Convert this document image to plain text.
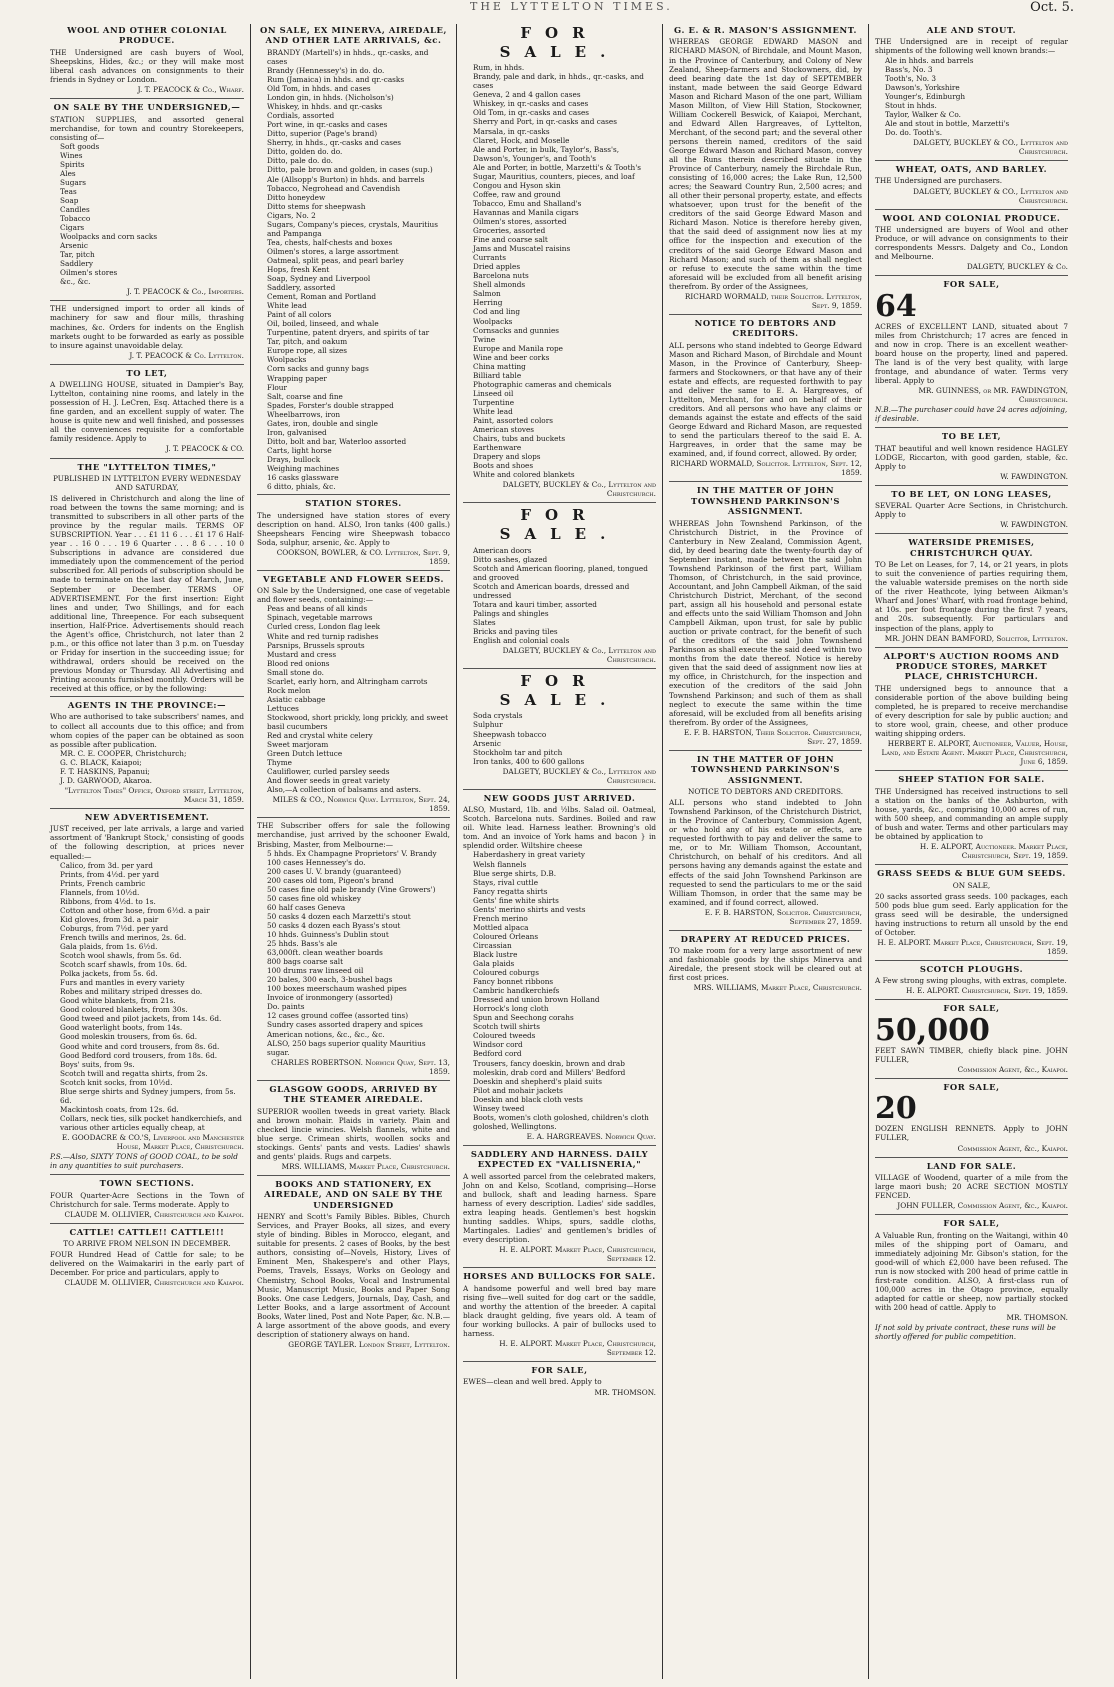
THE LYTTELTON TIMES.	Oct. 5.
WOOL AND OTHER COLONIAL PRODUCE.

THE Undersigned are cash buyers of Wool, Sheepskins, Hides, &c.; or they will make most liberal cash advances on consignments to their friends in Sydney or London.

J. T. PEACOCK & Co., Wharf.
ON SALE BY THE UNDERSIGNED,—

STATION SUPPLIES, and assorted general merchandise, for town and country Storekeepers, consisting of—

Soft goods
Wines
Spirits
Ales
Sugars
Teas
Soap
Candles
Tobacco
Cigars
Woolpacks and corn sacks
Arsenic
Tar, pitch
Saddlery
Oilmen's stores
&c., &c.
J. T. PEACOCK & Co., Importers.

THE undersigned import to order all kinds of machinery for saw and flour mills, thrashing machines, &c. Orders for indents on the English markets ought to be forwarded as early as possible to insure against unavoidable delay.

J. T. PEACOCK & Co. Lyttelton.
TO LET,

A DWELLING HOUSE, situated in Dampier's Bay, Lyttelton, containing nine rooms, and lately in the possession of H. J. LeCren, Esq. Attached there is a fine garden, and an excellent supply of water. The house is quite new and well finished, and possesses all the conveniences requisite for a comfortable family residence. Apply to

J. T. PEACOCK & CO.
THE "LYTTELTON TIMES,"
PUBLISHED IN LYTTELTON EVERY WEDNESDAY AND SATURDAY,

IS delivered in Christchurch and along the line of road between the towns the same morning; and is transmitted to subscribers in all other parts of the province by the regular mails. TERMS OF SUBSCRIPTION. Year . . . £1 11 6 . . . £1 17 6 Half-year . . 16 0 . . . 19 6 Quarter . . . 8 6 . . . 10 0 Subscriptions in advance are considered due immediately upon the commencement of the period subscribed for. All periods of subscription should be made to terminate on the last day of March, June, September or December. TERMS OF ADVERTISEMENT. For the first insertion: Eight lines and under, Two Shillings, and for each additional line, Threepence. For each subsequent insertion, Half-Price. Advertisements should reach the Agent's office, Christchurch, not later than 2 p.m., or this office not later than 3 p.m. on Tuesday or Friday for insertion in the succeeding issue; for withdrawal, orders should be received on the previous Monday or Thursday. All Advertising and Printing accounts furnished monthly. Orders will be received at this office, or by the following:

AGENTS IN THE PROVINCE:—

Who are authorised to take subscribers' names, and to collect all accounts due to this office; and from whom copies of the paper can be obtained as soon as possible after publication.

MR. C. E. COOPER, Christchurch;
G. C. BLACK, Kaiapoi;
F. T. HASKINS, Papanui;
J. D. GARWOOD, Akaroa.
"Lyttelton Times" Office, Oxford street, Lyttelton, March 31, 1859.
NEW ADVERTISEMENT.

JUST received, per late arrivals, a large and varied assortment of 'Bankrupt Stock,' consisting of goods of the following description, at prices never equalled:—

Calico, from 3d. per yard
Prints, from 4½d. per yard
Prints, French cambric
Flannels, from 10½d.
Ribbons, from 4½d. to 1s.
Cotton and other hose, from 6½d. a pair
Kid gloves, from 3d. a pair
Coburgs, from 7½d. per yard
French twills and merinos, 2s. 6d.
Gala plaids, from 1s. 6½d.
Scotch wool shawls, from 5s. 6d.
Scotch scarf shawls, from 10s. 6d.
Polka jackets, from 5s. 6d.
Furs and mantles in every variety
Robes and military striped dresses do.
Good white blankets, from 21s.
Good coloured blankets, from 30s.
Good tweed and pilot jackets, from 14s. 6d.
Good waterlight boots, from 14s.
Good moleskin trousers, from 6s. 6d.
Good white and cord trousers, from 8s. 6d.
Good Bedford cord trousers, from 18s. 6d.
Boys' suits, from 9s.
Scotch twill and regatta shirts, from 2s.
Scotch knit socks, from 10½d.
Blue serge shirts and Sydney jumpers, from 5s. 6d.
Mackintosh coats, from 12s. 6d.
Collars, neck ties, silk pocket handkerchiefs, and various other articles equally cheap, at
E. GOODACRE & CO.'S, Liverpool and Manchester House, Market Place, Christchurch.
P.S.—Also, SIXTY TONS of GOOD COAL, to be sold in any quantities to suit purchasers.
TOWN SECTIONS.

FOUR Quarter-Acre Sections in the Town of Christchurch for sale. Terms moderate. Apply to

CLAUDE M. OLLIVIER, Christchurch and Kaiapoi.
CATTLE! CATTLE!! CATTLE!!!
TO ARRIVE FROM NELSON IN DECEMBER.

FOUR Hundred Head of Cattle for sale; to be delivered on the Waimakariri in the early part of December. For price and particulars, apply to

CLAUDE M. OLLIVIER, Christchurch and Kaiapoi.
ON SALE, EX MINERVA, AIREDALE, AND OTHER LATE ARRIVALS, &c.
BRANDY (Martell's) in hhds., qr.-casks, and cases
Brandy (Hennessey's) in do. do.
Rum (Jamaica) in hhds. and qr.-casks
Old Tom, in hhds. and cases
London gin, in hhds. (Nicholson's)
Whiskey, in hhds. and qr.-casks
Cordials, assorted
Port wine, in qr.-casks and cases
Ditto, superior (Page's brand)
Sherry, in hhds., qr.-casks and cases
Ditto, golden do. do.
Ditto, pale do. do.
Ditto, pale brown and golden, in cases (sup.)
Ale (Allsopp's Burton) in hhds. and barrels
Tobacco, Negrohead and Cavendish
Ditto honeydew
Ditto stems for sheepwash
Cigars, No. 2
Sugars, Company's pieces, crystals, Mauritius and Pampanga
Tea, chests, half-chests and boxes
Oilmen's stores, a large assortment
Oatmeal, split peas, and pearl barley
Hops, fresh Kent
Soap, Sydney and Liverpool
Saddlery, assorted
Cement, Roman and Portland
White lead
Paint of all colors
Oil, boiled, linseed, and whale
Turpentine, patent dryers, and spirits of tar
Tar, pitch, and oakum
Europe rope, all sizes
Woolpacks
Corn sacks and gunny bags
Wrapping paper
Flour
Salt, coarse and fine
Spades, Forster's double strapped
Wheelbarrows, iron
Gates, iron, double and single
Iron, galvanised
Ditto, bolt and bar, Waterloo assorted
Carts, light horse
Drays, bullock
Weighing machines
16 casks glassware
6 ditto, phials, &c.
STATION STORES.

The undersigned have station stores of every description on hand. ALSO, Iron tanks (400 galls.) Sheepshears Fencing wire Sheepwash tobacco Soda, sulphur, arsenic, &c. Apply to

COOKSON, BOWLER, & CO. Lyttelton, Sept. 9, 1859.
VEGETABLE AND FLOWER SEEDS.

ON Sale by the Undersigned, one case of vegetable and flower seeds, containing:—

Peas and beans of all kinds
Spinach, vegetable marrows
Curled cress, London flag leek
White and red turnip radishes
Parsnips, Brussels sprouts
Mustard and cress
Blood red onions
Small stone do.
Scarlet, early horn, and Altringham carrots
Rock melon
Asiatic cabbage
Lettuces
Stockwood, short prickly, long prickly, and sweet basil cucumbers
Red and crystal white celery
Sweet marjoram
Green Dutch lettuce
Thyme
Cauliflower, curled parsley seeds
And flower seeds in great variety
Also,—A collection of balsams and asters.
MILES & CO., Norwich Quay. Lyttelton, Sept. 24, 1859.

THE Subscriber offers for sale the following merchandise, just arrived by the schooner Ewald, Brisbing, Master, from Melbourne:—

5 hhds. Ex Champagne Proprietors' V. Brandy
100 cases Hennessey's do.
200 cases U. V. brandy (guaranteed)
200 cases old tom, Pigeon's brand
50 cases fine old pale brandy (Vine Growers')
50 cases fine old whiskey
60 half cases Geneva
50 casks 4 dozen each Marzetti's stout
50 casks 4 dozen each Byass's stout
10 hhds. Guinness's Dublin stout
25 hhds. Bass's ale
63,000ft. clean weather boards
800 bags coarse salt
100 drums raw linseed oil
20 bales, 300 each, 3-bushel bags
100 boxes meerschaum washed pipes
Invoice of ironmongery (assorted)
Do. paints
12 cases ground coffee (assorted tins)
Sundry cases assorted drapery and spices
American notions, &c., &c., &c.
ALSO, 250 bags superior quality Mauritius sugar.
CHARLES ROBERTSON. Norwich Quay, Sept. 13, 1859.
GLASGOW GOODS, ARRIVED BY THE STEAMER AIREDALE.

SUPERIOR woollen tweeds in great variety. Black and brown mohair. Plaids in variety. Plain and checked lincie wincies. Welsh flannels, white and blue serge. Crimean shirts, woollen socks and stockings. Gents' pants and vests. Ladies' shawls and gents' plaids. Rugs and carpets.

MRS. WILLIAMS, Market Place, Christchurch.
BOOKS AND STATIONERY, EX AIREDALE, AND ON SALE BY THE UNDERSIGNED

HENRY and Scott's Family Bibles. Bibles, Church Services, and Prayer Books, all sizes, and every style of binding. Bibles in Morocco, elegant, and suitable for presents. 2 cases of Books, by the best authors, consisting of—Novels, History, Lives of Eminent Men, Shakespere's and other Plays, Poems, Travels, Essays, Works on Geology and Chemistry, School Books, Vocal and Instrumental Music, Manuscript Music, Books and Paper Song Books. One case Ledgers, Journals, Day, Cash, and Letter Books, and a large assortment of Account Books, Water lined, Post and Note Paper, &c. N.B.—A large assortment of the above goods, and every description of stationery always on hand.

GEORGE TAYLER. London Street, Lyttelton.
FOR SALE.
Rum, in hhds.
Brandy, pale and dark, in hhds., qr.-casks, and cases
Geneva, 2 and 4 gallon cases
Whiskey, in qr.-casks and cases
Old Tom, in qr.-casks and cases
Sherry and Port, in qr.-casks and cases
Marsala, in qr.-casks
Claret, Hock, and Moselle
Ale and Porter, in bulk, Taylor's, Bass's, Dawson's, Younger's, and Tooth's
Ale and Porter, in bottle, Marzetti's & Tooth's
Sugar, Mauritius, counters, pieces, and loaf
Congou and Hyson skin
Coffee, raw and ground
Tobacco, Emu and Shalland's
Havannas and Manila cigars
Oilmen's stores, assorted
Groceries, assorted
Fine and coarse salt
Jams and Muscatel raisins
Currants
Dried apples
Barcelona nuts
Shell almonds
Salmon
Herring
Cod and ling
Woolpacks
Cornsacks and gunnies
Twine
Europe and Manila rope
Wine and beer corks
China matting
Billiard table
Photographic cameras and chemicals
Linseed oil
Turpentine
White lead
Paint, assorted colors
American stoves
Chairs, tubs and buckets
Earthenware
Drapery and slops
Boots and shoes
White and colored blankets
DALGETY, BUCKLEY & Co., Lyttelton and Christchurch.
FOR SALE.
American doors
Ditto sashes, glazed
Scotch and American flooring, planed, tongued and grooved
Scotch and American boards, dressed and undressed
Totara and kauri timber, assorted
Palings and shingles
Slates
Bricks and paving tiles
English and colonial coals
DALGETY, BUCKLEY & Co., Lyttelton and Christchurch.
FOR SALE.
Soda crystals
Sulphur
Sheepwash tobacco
Arsenic
Stockholm tar and pitch
Iron tanks, 400 to 600 gallons
DALGETY, BUCKLEY & Co., Lyttelton and Christchurch.
NEW GOODS JUST ARRIVED.

ALSO, Mustard, 1lb. and ½lbs. Salad oil. Oatmeal, Scotch. Barcelona nuts. Sardines. Boiled and raw oil. White lead. Harness leather. Browning's old tom. And an invoice of York hams and bacon } in splendid order. Wiltshire cheese

Haberdashery in great variety
Welsh flannels
Blue serge shirts, D.B.
Stays, rival cuttle
Fancy regatta shirts
Gents' fine white shirts
Gents' merino shirts and vests
French merino
Mottled alpaca
Coloured Orleans
Circassian
Black lustre
Gala plaids
Coloured coburgs
Fancy bonnet ribbons
Cambric handkerchiefs
Dressed and union brown Holland
Horrock's long cloth
Spun and Seechong corahs
Scotch twill shirts
Coloured tweeds
Windsor cord
Bedford cord
Trousers, fancy doeskin, brown and drab moleskin, drab cord and Millers' Bedford
Doeskin and shepherd's plaid suits
Pilot and mohair jackets
Doeskin and black cloth vests
Winsey tweed
Boots, women's cloth goloshed, children's cloth goloshed, Wellingtons.
E. A. HARGREAVES. Norwich Quay.
SADDLERY AND HARNESS. DAILY EXPECTED EX "VALLISNERIA,"

A well assorted parcel from the celebrated makers, John on and Kelso, Scotland, comprising—Horse and bullock, shaft and leading harness. Spare harness of every description. Ladies' side saddles, extra leaping heads. Gentlemen's best hogskin hunting saddles. Whips, spurs, saddle cloths, Martingales. Ladies' and gentlemen's bridles of every description.

H. E. ALPORT. Market Place, Christchurch, September 12.
HORSES AND BULLOCKS FOR SALE.

A handsome powerful and well bred bay mare rising five—well suited for dog cart or the saddle, and worthy the attention of the breeder. A capital black draught gelding, five years old. A team of four working bullocks. A pair of bullocks used to harness.

H. E. ALPORT. Market Place, Christchurch, September 12.
FOR SALE,

EWES—clean and well bred. Apply to

MR. THOMSON.
G. E. & R. MASON'S ASSIGNMENT.

WHEREAS GEORGE EDWARD MASON and RICHARD MASON, of Birchdale, and Mount Mason, in the Province of Canterbury, and Colony of New Zealand, Sheep-farmers and Stockowners, did, by deed bearing date the 1st day of SEPTEMBER instant, made between the said George Edward Mason and Richard Mason of the one part, William Mason Millton, of View Hill Station, Stockowner, William Cockerell Beswick, of Kaiapoi, Merchant, and Edward Allen Hargreaves, of Lyttelton, Merchant, of the second part; and the several other persons therein named, creditors of the said George Edward Mason and Richard Mason, convey all the Runs therein described situate in the Province of Canterbury, namely the Birchdale Run, consisting of 16,000 acres; the Lake Run, 12,500 acres; the Seaward Country Run, 2,500 acres; and all other their personal property, estate, and effects whatsoever, upon trust for the benefit of the creditors of the said George Edward Mason and Richard Mason. Notice is therefore hereby given, that the said deed of assignment now lies at my office for the inspection and execution of the creditors of the said George Edward Mason and Richard Mason; and such of them as shall neglect or refuse to execute the same within the time aforesaid will be excluded from all benefit arising therefrom. By order of the Assignees,

RICHARD WORMALD, their Solicitor. Lyttelton, Sept. 9, 1859.
NOTICE TO DEBTORS AND CREDITORS.

ALL persons who stand indebted to George Edward Mason and Richard Mason, of Birchdale and Mount Mason, in the Province of Canterbury, Sheep-farmers and Stockowners, or that have any of their estate and effects, are requested forthwith to pay and deliver the same to E. A. Hargreaves, of Lyttelton, Merchant, for and on behalf of their creditors. And all persons who have any claims or demands against the estate and effects of the said George Edward and Richard Mason, are requested to send the particulars thereof to the said E. A. Hargreaves, in order that the same may be examined, and, if found correct, allowed. By order,

RICHARD WORMALD, Solicitor. Lyttelton, Sept. 12, 1859.
IN THE MATTER OF JOHN TOWNSHEND PARKINSON'S ASSIGNMENT.

WHEREAS John Townshend Parkinson, of the Christchurch District, in the Province of Canterbury in New Zealand, Commission Agent, did, by deed bearing date the twenty-fourth day of September instant, made between the said John Townshend Parkinson of the first part, William Thomson, of Christchurch, in the said province, Accountant, and John Campbell Aikman, of the said Christchurch District, Merchant, of the second part, assign all his household and personal estate and effects unto the said William Thomson and John Campbell Aikman, upon trust, for sale by public auction or private contract, for the benefit of such of the creditors of the said John Townshend Parkinson as shall execute the said deed within two months from the date thereof. Notice is hereby given that the said deed of assignment now lies at my office, in Christchurch, for the inspection and execution of the creditors of the said John Townshend Parkinson; and such of them as shall neglect to execute the same within the time aforesaid, will be excluded from all benefits arising therefrom. By order of the Assignees,

E. F. B. HARSTON, Their Solicitor. Christchurch, Sept. 27, 1859.
IN THE MATTER OF JOHN TOWNSHEND PARKINSON'S ASSIGNMENT.
NOTICE TO DEBTORS AND CREDITORS.

ALL persons who stand indebted to John Townshend Parkinson, of the Christchurch District, in the Province of Canterbury, Commission Agent, or who hold any of his estate or effects, are requested forthwith to pay and deliver the same to me, or to Mr. William Thomson, Accountant, Christchurch, on behalf of his creditors. And all persons having any demands against the estate and effects of the said John Townshend Parkinson are requested to send the particulars to me or the said William Thomson, in order that the same may be examined, and if found correct, allowed.

E. F. B. HARSTON, Solicitor. Christchurch, September 27, 1859.
DRAPERY AT REDUCED PRICES.

TO make room for a very large assortment of new and fashionable goods by the ships Minerva and Airedale, the present stock will be cleared out at first cost prices.

MRS. WILLIAMS, Market Place, Christchurch.
ALE AND STOUT.

THE Undersigned are in receipt of regular shipments of the following well known brands:—

Ale in hhds. and barrels
Bass's, No. 3
Tooth's, No. 3
Dawson's, Yorkshire
Younger's, Edinburgh
Stout in hhds.
Taylor, Walker & Co.
Ale and stout in bottle, Marzetti's
Do. do. Tooth's.
DALGETY, BUCKLEY & CO., Lyttelton and Christchurch.
WHEAT, OATS, AND BARLEY.

THE Undersigned are purchasers.

DALGETY, BUCKLEY & CO., Lyttelton and Christchurch.
WOOL AND COLONIAL PRODUCE.

THE undersigned are buyers of Wool and other Produce, or will advance on consignments to their correspondents Messrs. Dalgety and Co., London and Melbourne.

DALGETY, BUCKLEY & Co.
FOR SALE,
64

ACRES of EXCELLENT LAND, situated about 7 miles from Christchurch; 17 acres are fenced in and now in crop. There is an excellent weather-board house on the property, lined and papered. The land is of the very best quality, with large frontage, and abundance of water. Terms very liberal. Apply to

MR. GUINNESS, or MR. FAWDINGTON, Christchurch.
N.B.—The purchaser could have 24 acres adjoining, if desirable.
TO BE LET,

THAT beautiful and well known residence HAGLEY LODGE, Riccarton, with good garden, stable, &c. Apply to

W. FAWDINGTON.
TO BE LET, ON LONG LEASES,

SEVERAL Quarter Acre Sections, in Christchurch. Apply to

W. FAWDINGTON.
WATERSIDE PREMISES, CHRISTCHURCH QUAY.

TO Be Let on Leases, for 7, 14, or 21 years, in plots to suit the convenience of parties requiring them, the valuable waterside premises on the north side of the river Heathcote, lying between Aikman's Wharf and Jones' Wharf, with road frontage behind, at 10s. per foot frontage during the first 7 years, and 20s. subsequently. For particulars and inspection of the plans, apply to

MR. JOHN DEAN BAMFORD, Solicitor, Lyttelton.
ALPORT'S AUCTION ROOMS AND PRODUCE STORES, MARKET PLACE, CHRISTCHURCH.

THE undersigned begs to announce that a considerable portion of the above building being completed, he is prepared to receive merchandise of every description for sale by public auction; and to store wool, grain, cheese, and other produce waiting shipping orders.

HERBERT E. ALPORT, Auctioneer, Valuer, House, Land, and Estate Agent. Market Place, Christchurch, June 6, 1859.
SHEEP STATION FOR SALE.

THE Undersigned has received instructions to sell a station on the banks of the Ashburton, with house, yards, &c., comprising 10,000 acres of run, with 500 sheep, and commanding an ample supply of bush and water. Terms and other particulars may be obtained by application to

H. E. ALPORT, Auctioneer. Market Place, Christchurch, Sept. 19, 1859.
GRASS SEEDS & BLUE GUM SEEDS.
ON SALE,

20 sacks assorted grass seeds. 100 packages, each 500 pods blue gum seed. Early application for the grass seed will be desirable, the undersigned having instructions to return all unsold by the end of October.

H. E. ALPORT. Market Place, Christchurch, Sept. 19, 1859.
SCOTCH PLOUGHS.

A Few strong swing ploughs, with extras, complete.

H. E. ALPORT. Christchurch, Sept. 19, 1859.
FOR SALE,
50,000

FEET SAWN TIMBER, chiefly black pine. JOHN FULLER,

Commission Agent, &c., Kaiapoi.
FOR SALE,
20

DOZEN ENGLISH RENNETS. Apply to JOHN FULLER,

Commission Agent, &c., Kaiapoi.
LAND FOR SALE.

VILLAGE of Woodend, quarter of a mile from the large maori bush; 20 ACRE SECTION MOSTLY FENCED.

JOHN FULLER, Commission Agent, &c., Kaiapoi.
FOR SALE,

A Valuable Run, fronting on the Waitangi, within 40 miles of the shipping port of Oamaru, and immediately adjoining Mr. Gibson's station, for the good-will of which £2,000 have been refused. The run is now stocked with 200 head of prime cattle in first-rate condition. ALSO, A first-class run of 100,000 acres in the Otago province, equally adapted for cattle or sheep, now partially stocked with 200 head of cattle. Apply to

MR. THOMSON.
If not sold by private contract, these runs will be shortly offered for public competition.
